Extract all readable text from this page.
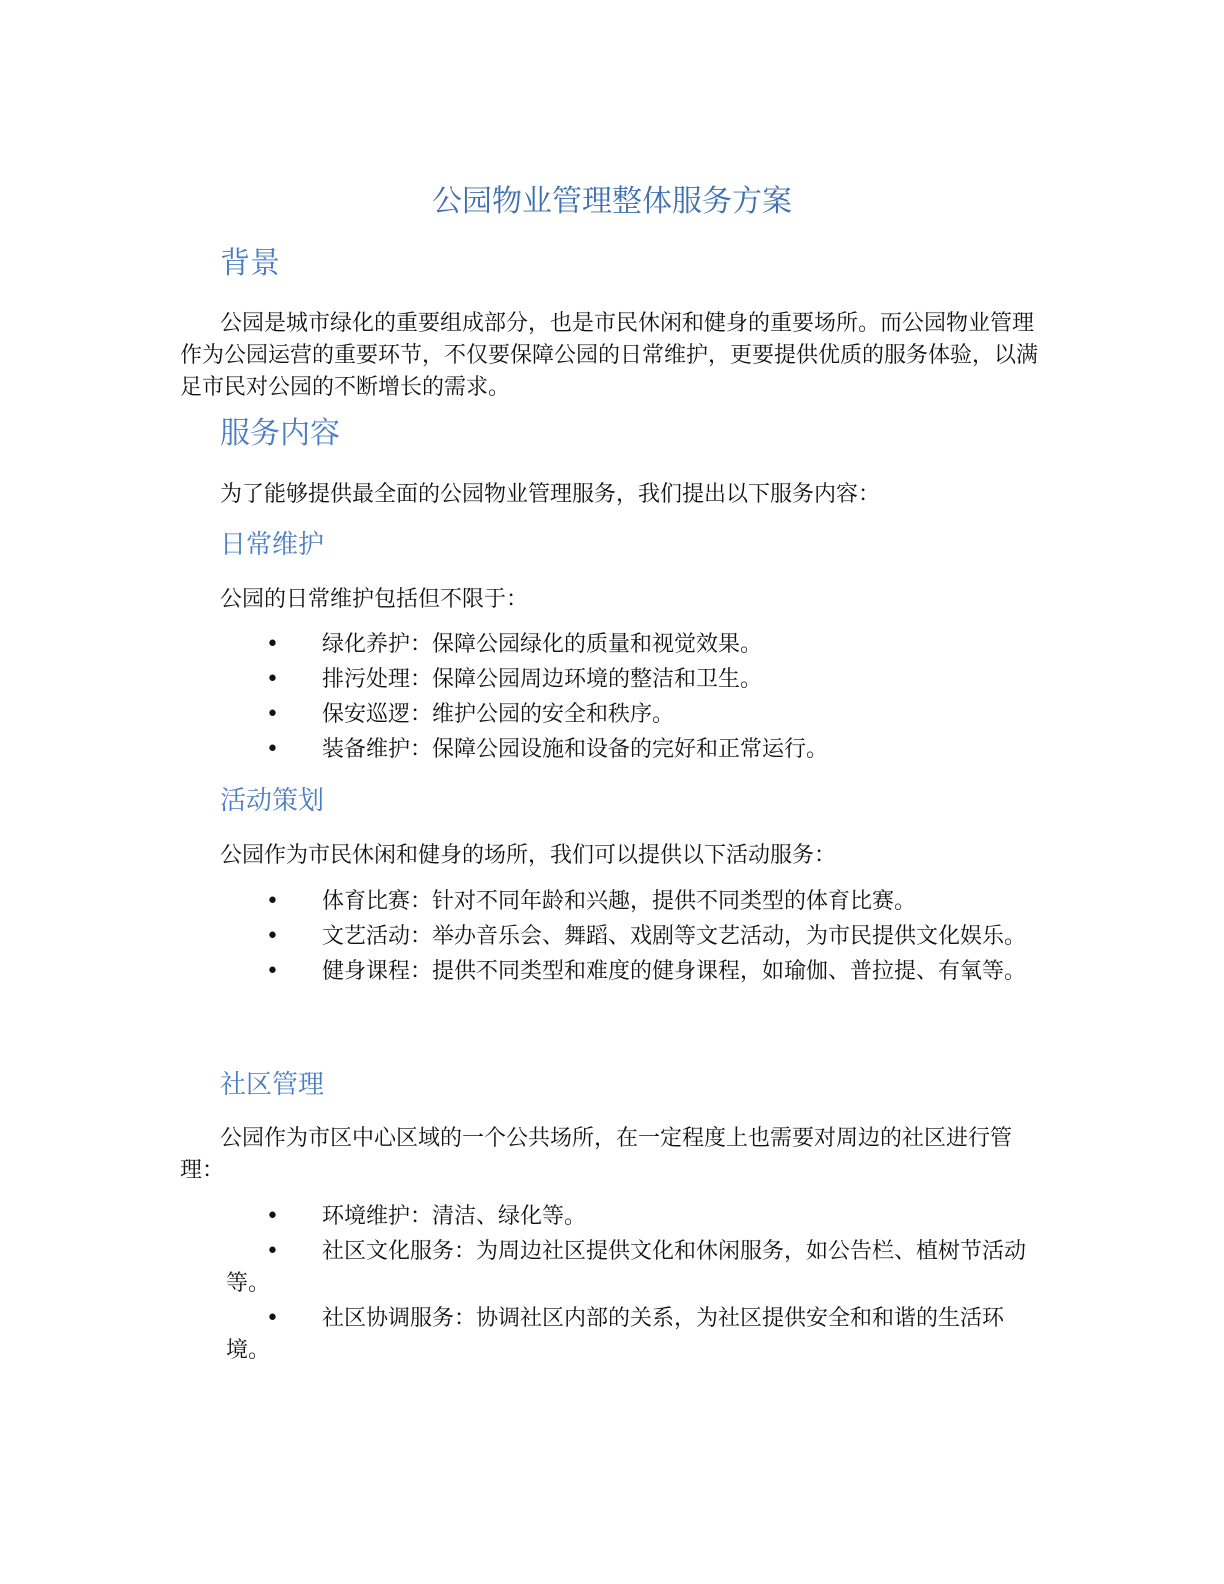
公园物业管理整体服务方案
背景

公园是城市绿化的重要组成部分，也是市民休闲和健身的重要场所。而公园物业管理作为公园运营的重要环节，不仅要保障公园的日常维护，更要提供优质的服务体验，以满足市民对公园的不断增长的需求。

服务内容

为了能够提供最全面的公园物业管理服务，我们提出以下服务内容：

日常维护

公园的日常维护包括但不限于：

• 绿化养护：保障公园绿化的质量和视觉效果。
• 排污处理：保障公园周边环境的整洁和卫生。
• 保安巡逻：维护公园的安全和秩序。
• 装备维护：保障公园设施和设备的完好和正常运行。
活动策划

公园作为市民休闲和健身的场所，我们可以提供以下活动服务：

• 体育比赛：针对不同年龄和兴趣，提供不同类型的体育比赛。
• 文艺活动：举办音乐会、舞蹈、戏剧等文艺活动，为市民提供文化娱乐。
• 健身课程：提供不同类型和难度的健身课程，如瑜伽、普拉提、有氧等。
社区管理

公园作为市区中心区域的一个公共场所，在一定程度上也需要对周边的社区进行管理：

• 环境维护：清洁、绿化等。
• 社区文化服务：为周边社区提供文化和休闲服务，如公告栏、植树节活动等。
• 社区协调服务：协调社区内部的关系，为社区提供安全和和谐的生活环境。
